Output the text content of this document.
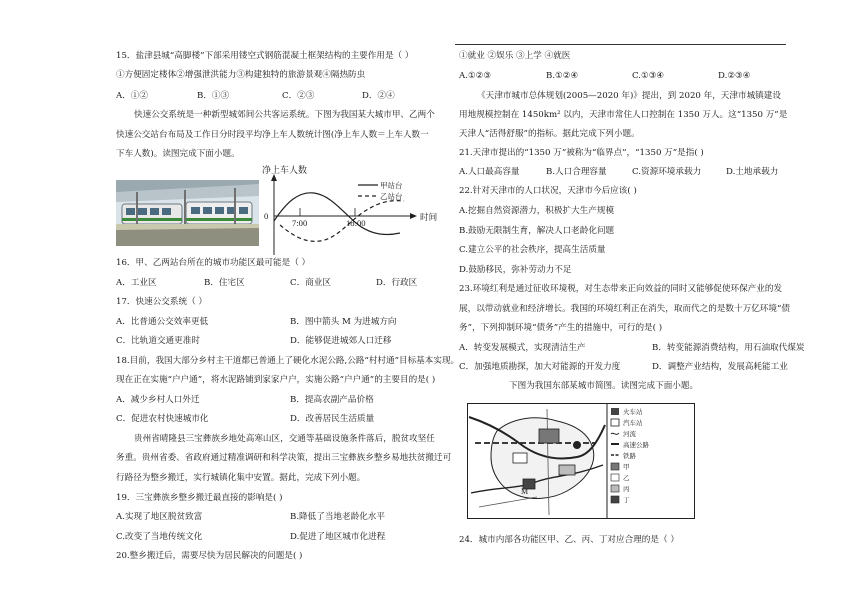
15．盐津县城“高脚楼”下部采用镂空式钢筋混凝土框架结构的主要作用是（ ）
①方便固定楼体②增强泄洪能力③构建独特的旅游景观④隔热防虫
A．①②	B．①③	C．②③	D．②④
快速公交系统是一种新型城郊间公共客运系统。下图为我国某大城市甲、乙两个
快速公交站台布局及工作日分时段平均净上车人数统计图(净上车人数＝上车人数一
下车人数)。读图完成下面小题。
净上车人数
时间
0
7:00	18:00
甲站台
乙站台
16．甲、乙两站台所在的城市功能区最可能是（ ）
A．工业区	B．住宅区	C．商业区	D．行政区
17．快速公交系统（ ）
A．比普通公交效率更低	B．图中箭头 M 为进城方向
C．比轨道交通更准时	D．能够促进城郊人口迁移
18.目前，我国大部分乡村主干道都已普通上了硬化水泥公路,公路“村村通”目标基本实现。
现在正在实施“户户通”，将水泥路铺到家家户户，实施公路“户户通”的主要目的是( )
A．减少乡村人口外迁	B．提高农副产品价格
C．促进农村快速城市化	D．改善居民生活质量
贵州省晴隆县三宝彝族乡地处高寒山区，交通等基础设施条件落后，脱贫攻坚任
务重。贵州省委、省政府通过精准调研和科学决策，提出三宝彝族乡整乡易地扶贫搬迁可
行路径为整乡搬迁，实行城镇化集中安置。据此，完成下列小题。
19．三宝彝族乡整乡搬迁最直接的影响是( )
A.实现了地区脱贫致富	B.降低了当地老龄化水平
C.改变了当地传统文化	D.促进了地区城市化进程
20.整乡搬迁后，需要尽快为居民解决的问题是( )
①就业 ②娱乐 ③上学 ④就医
A.①②③	B.①②④	C.①③④	D.②③④
《天津市城市总体规划(2005—2020 年)》提出，到 2020 年，天津市城镇建设
用地规模控制在 1450km² 以内，天津市常住人口控制在 1350 万人。这“1350 万”是
天津人“活得舒服”的指标。据此完成下列小题。
21.天津市提出的“1350 万”被称为“临界点”，“1350 万”是指( )
A.人口最高容量	B.人口合理容量	C.资源环境承载力	D.土地承载力
22.针对天津市的人口状况，天津市今后应该( )
A.挖掘自然资源潜力，积极扩大生产规模
B.鼓励无限制生育，解决人口老龄化问题
C.建立公平的社会秩序，提高生活质量
D.鼓励移民，弥补劳动力不足
23.环境红利是通过征收环境税，对生态带来正向效益的同时又能够促使环保产业的发
展，以带动就业和经济增长。我国的环境红利正在消失，取而代之的是数十万亿环境“债
务”，下列抑制环境“债务”产生的措施中，可行的是( )
A．转变发展模式，实现清洁生产	B．转变能源消费结构，用石油取代煤炭
C．加强地质勘探，加大对能源的开发力度	D．调整产业结构，发展高耗能工业
下图为我国东部某城市简图。读图完成下面小题。
M
火车站
汽车站
河流
高速公路
铁路
甲
乙
丙
丁
24．城市内部各功能区甲、乙、丙、丁对应合理的是（ ）
